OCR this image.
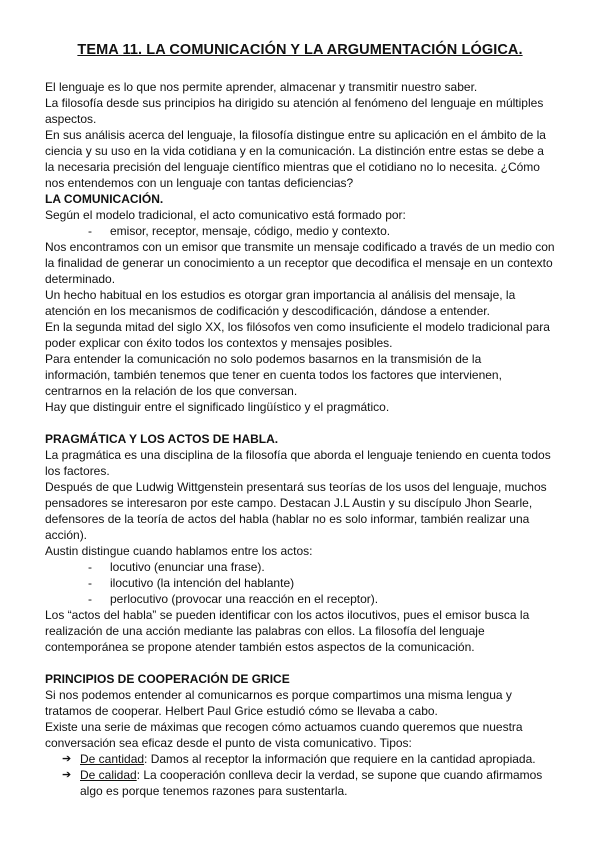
TEMA 11. LA COMUNICACIÓN Y LA ARGUMENTACIÓN LÓGICA.
El lenguaje es lo que nos permite aprender, almacenar y transmitir nuestro saber.
La filosofía desde sus principios ha dirigido su atención al fenómeno del lenguaje en múltiples
aspectos.
En sus análisis acerca del lenguaje, la filosofía distingue entre su aplicación en el ámbito de la
ciencia y su uso en la vida cotidiana y en la comunicación. La distinción entre estas se debe a
la necesaria precisión del lenguaje científico mientras que el cotidiano no lo necesita. ¿Cómo
nos entendemos con un lenguaje con tantas deficiencias?
LA COMUNICACIÓN.
Según el modelo tradicional, el acto comunicativo está formado por:
-	emisor, receptor, mensaje, código, medio y contexto.
Nos encontramos con un emisor que transmite un mensaje codificado a través de un medio con
la finalidad de generar un conocimiento a un receptor que decodifica el mensaje en un contexto
determinado.
Un hecho habitual en los estudios es otorgar gran importancia al análisis del mensaje, la
atención en los mecanismos de codificación y descodificación, dándose a entender.
En la segunda mitad del siglo XX, los filósofos ven como insuficiente el modelo tradicional para
poder explicar con éxito todos los contextos y mensajes posibles.
Para entender la comunicación no solo podemos basarnos en la transmisión de la
información, también tenemos que tener en cuenta todos los factores que intervienen,
centrarnos en la relación de los que conversan.
Hay que distinguir entre el significado lingüístico y el pragmático.
PRAGMÁTICA Y LOS ACTOS DE HABLA.
La pragmática es una disciplina de la filosofía que aborda el lenguaje teniendo en cuenta todos
los factores.
Después de que Ludwig Wittgenstein presentará sus teorías de los usos del lenguaje, muchos
pensadores se interesaron por este campo. Destacan J.L Austin y su discípulo Jhon Searle,
defensores de la teoría de actos del habla (hablar no es solo informar, también realizar una
acción).
Austin distingue cuando hablamos entre los actos:
-	locutivo (enunciar una frase).
-	ilocutivo (la intención del hablante)
-	perlocutivo (provocar una reacción en el receptor).
Los “actos del habla” se pueden identificar con los actos ilocutivos, pues el emisor busca la
realización de una acción mediante las palabras con ellos. La filosofía del lenguaje
contemporánea se propone atender también estos aspectos de la comunicación.
PRINCIPIOS DE COOPERACIÓN DE GRICE
Si nos podemos entender al comunicarnos es porque compartimos una misma lengua y
tratamos de cooperar. Helbert Paul Grice estudió cómo se llevaba a cabo.
Existe una serie de máximas que recogen cómo actuamos cuando queremos que nuestra
conversación sea eficaz desde el punto de vista comunicativo. Tipos:
➔ De cantidad: Damos al receptor la información que requiere en la cantidad apropiada.
➔ De calidad: La cooperación conlleva decir la verdad, se supone que cuando afirmamos
algo es porque tenemos razones para sustentarla.
